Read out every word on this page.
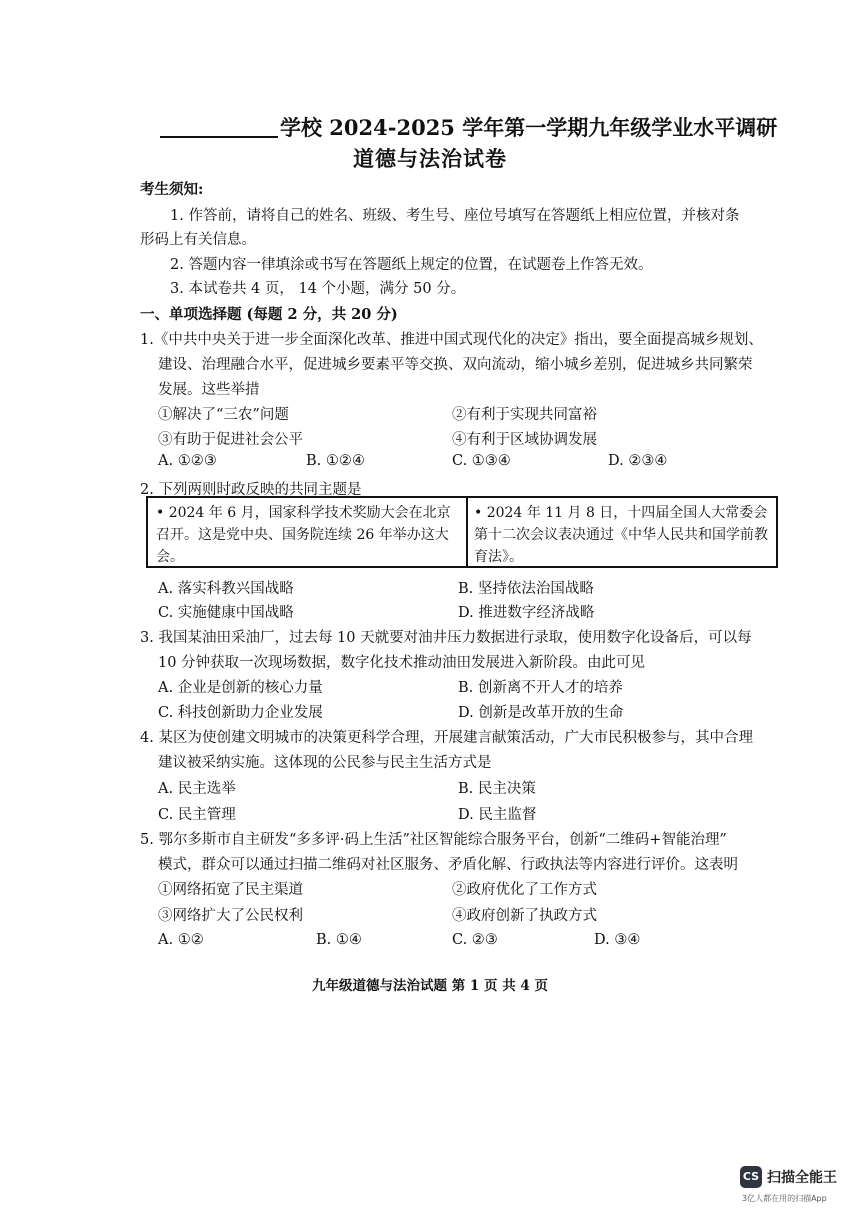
学校 2024-2025 学年第一学期九年级学业水平调研
道德与法治试卷
考生须知:
1. 作答前，请将自己的姓名、班级、考生号、座位号填写在答题纸上相应位置，并核对条
形码上有关信息。
2. 答题内容一律填涂或书写在答题纸上规定的位置，在试题卷上作答无效。
3. 本试卷共 4 页， 14 个小题，满分 50 分。
一、单项选择题 (每题 2 分，共 20 分)
1.《中共中央关于进一步全面深化改革、推进中国式现代化的决定》指出，要全面提高城乡规划、
建设、治理融合水平，促进城乡要素平等交换、双向流动，缩小城乡差别，促进城乡共同繁荣
发展。这些举措
①解决了“三农”问题	②有利于实现共同富裕
③有助于促进社会公平	④有利于区域协调发展
A. ①②③	B. ①②④	C. ①③④	D. ②③④
2. 下列两则时政反映的共同主题是
• 2024 年 6 月，国家科学技术奖励大会在北京召开。这是党中央、国务院连续 26 年举办这大会。
• 2024 年 11 月 8 日，十四届全国人大常委会第十二次会议表决通过《中华人民共和国学前教育法》。
A. 落实科教兴国战略	B. 坚持依法治国战略
C. 实施健康中国战略	D. 推进数字经济战略
3. 我国某油田采油厂，过去每 10 天就要对油井压力数据进行录取，使用数字化设备后，可以每
10 分钟获取一次现场数据，数字化技术推动油田发展进入新阶段。由此可见
A. 企业是创新的核心力量	B. 创新离不开人才的培养
C. 科技创新助力企业发展	D. 创新是改革开放的生命
4. 某区为使创建文明城市的决策更科学合理，开展建言献策活动，广大市民积极参与，其中合理
建议被采纳实施。这体现的公民参与民主生活方式是
A. 民主选举	B. 民主决策
C. 民主管理	D. 民主监督
5. 鄂尔多斯市自主研发“多多评·码上生活”社区智能综合服务平台，创新“二维码+智能治理”
模式，群众可以通过扫描二维码对社区服务、矛盾化解、行政执法等内容进行评价。这表明
①网络拓宽了民主渠道	②政府优化了工作方式
③网络扩大了公民权利	④政府创新了执政方式
A. ①②	B. ①④	C. ②③	D. ③④
九年级道德与法治试题 第 1 页 共 4 页
CS 扫描全能王
3亿人都在用的扫描App
